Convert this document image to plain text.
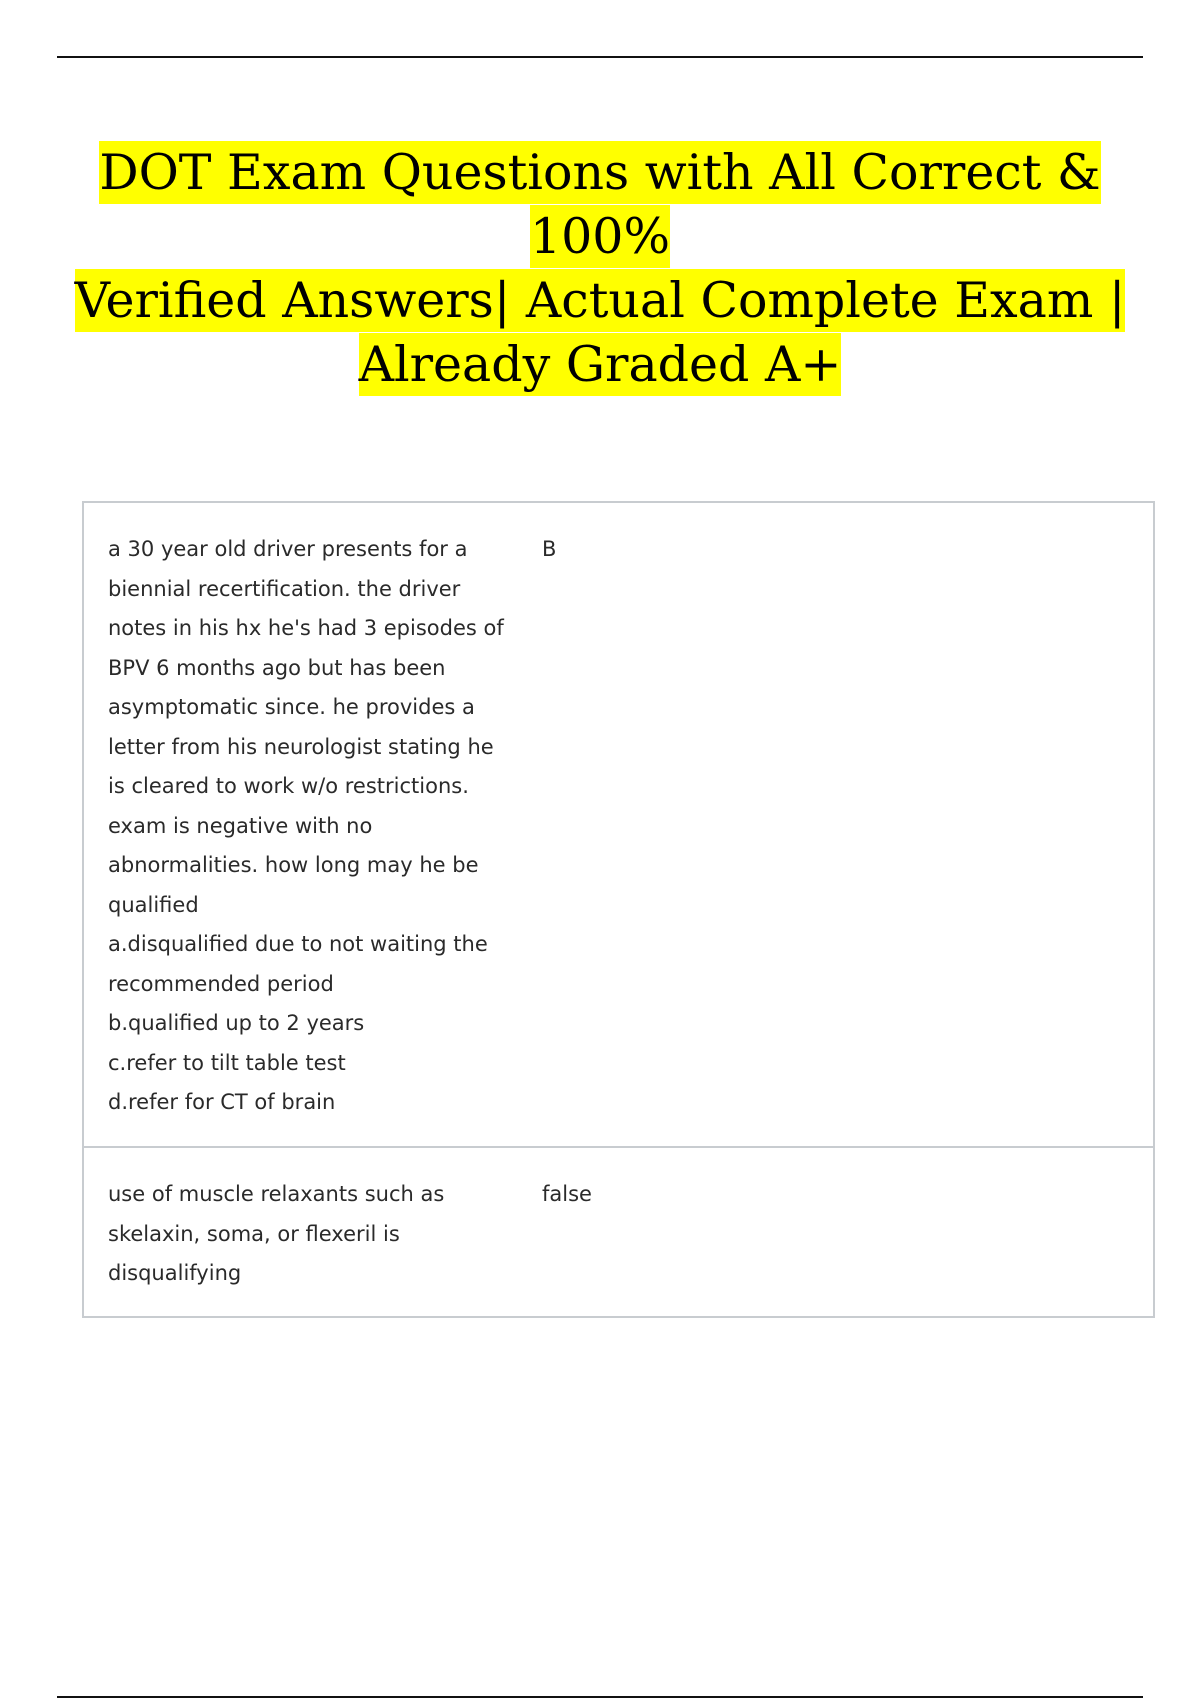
DOT Exam Questions with All Correct & 100%
Verified Answers| Actual Complete Exam |
Already Graded A+
a 30 year old driver presents for a
biennial recertification. the driver
notes in his hx he's had 3 episodes of
BPV 6 months ago but has been
asymptomatic since. he provides a
letter from his neurologist stating he
is cleared to work w/o restrictions.
exam is negative with no
abnormalities. how long may he be
qualified
a.disqualified due to not waiting the
recommended period
b.qualified up to 2 years
c.refer to tilt table test
d.refer for CT of brain
B
use of muscle relaxants such as
skelaxin, soma, or flexeril is
disqualifying
false
